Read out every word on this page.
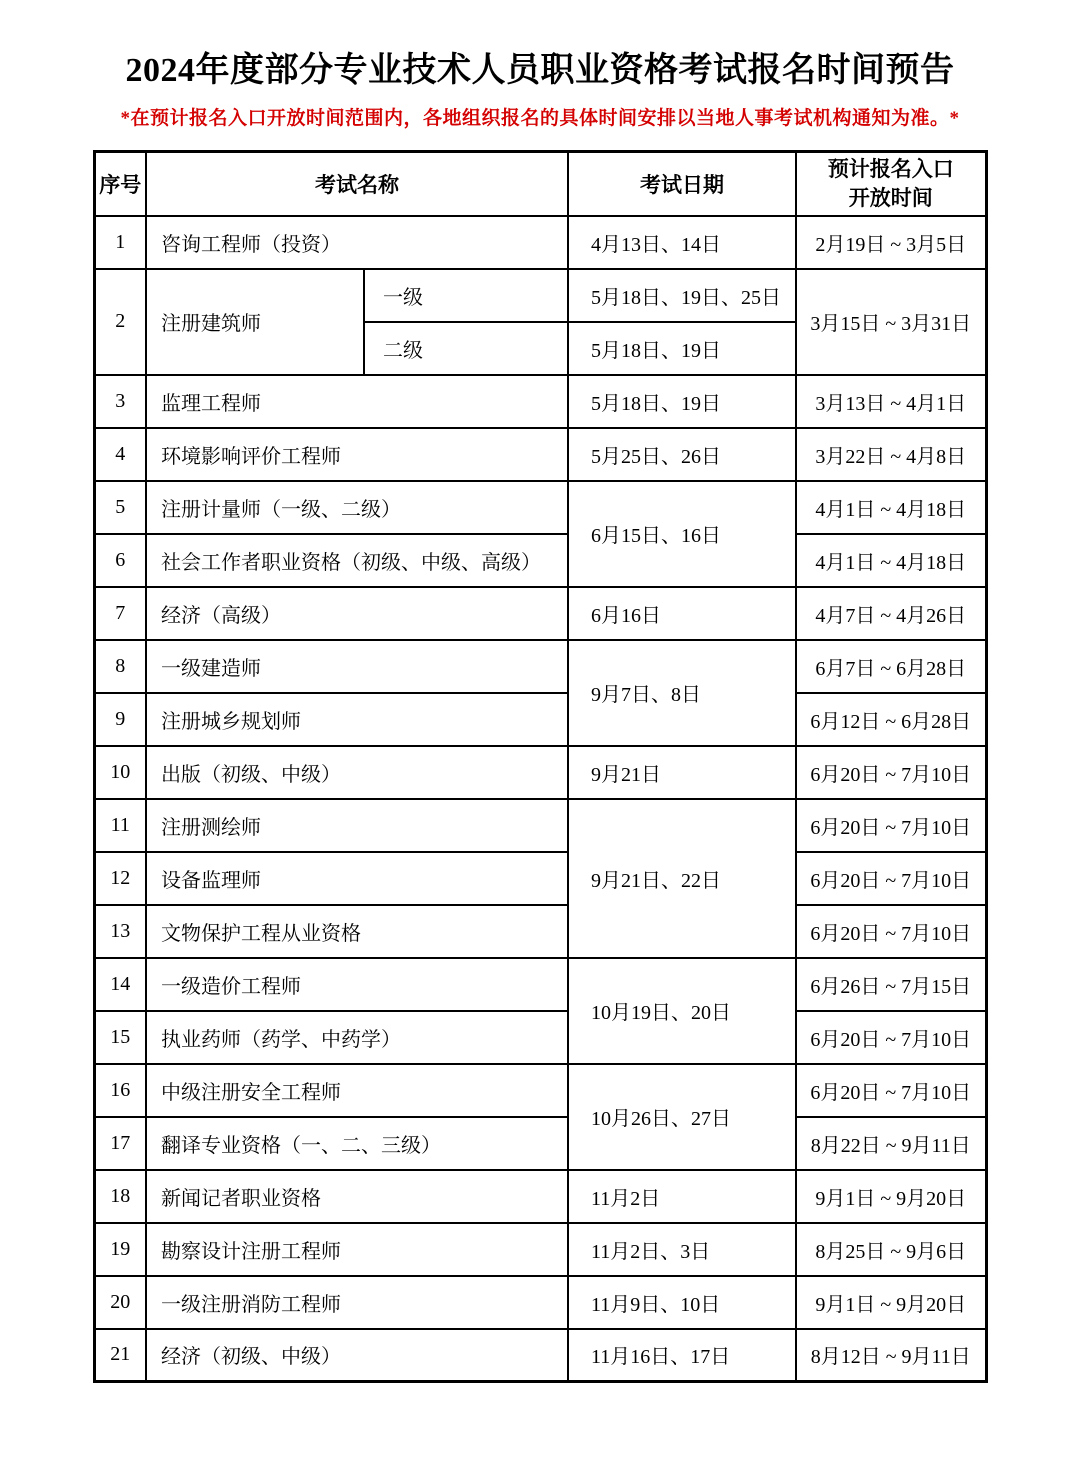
2024年度部分专业技术人员职业资格考试报名时间预告
*在预计报名入口开放时间范围内，各地组织报名的具体时间安排以当地人事考试机构通知为准。*
序号	考试名称		考试日期	预计报名入口
开放时间

1	咨询工程师（投资）		4月13日、14日	2月19日 ~ 3月5日
2	注册建筑师	一级	5月18日、19日、25日	3月15日 ~ 3月31日
		二级	5月18日、19日	
3	监理工程师		5月18日、19日	3月13日 ~ 4月1日
4	环境影响评价工程师		5月25日、26日	3月22日 ~ 4月8日
5	注册计量师（一级、二级）		6月15日、16日	4月1日 ~ 4月18日
6	社会工作者职业资格（初级、中级、高级）			4月1日 ~ 4月18日
7	经济（高级）		6月16日	4月7日 ~ 4月26日
8	一级建造师		9月7日、8日	6月7日 ~ 6月28日
9	注册城乡规划师			6月12日 ~ 6月28日
10	出版（初级、中级）		9月21日	6月20日 ~ 7月10日
11	注册测绘师		9月21日、22日	6月20日 ~ 7月10日
12	设备监理师			6月20日 ~ 7月10日
13	文物保护工程从业资格			6月20日 ~ 7月10日
14	一级造价工程师		10月19日、20日	6月26日 ~ 7月15日
15	执业药师（药学、中药学）			6月20日 ~ 7月10日
16	中级注册安全工程师		10月26日、27日	6月20日 ~ 7月10日
17	翻译专业资格（一、二、三级）			8月22日 ~ 9月11日
18	新闻记者职业资格		11月2日	9月1日 ~ 9月20日
19	勘察设计注册工程师		11月2日、3日	8月25日 ~ 9月6日
20	一级注册消防工程师		11月9日、10日	9月1日 ~ 9月20日
21	经济（初级、中级）		11月16日、17日	8月12日 ~ 9月11日
